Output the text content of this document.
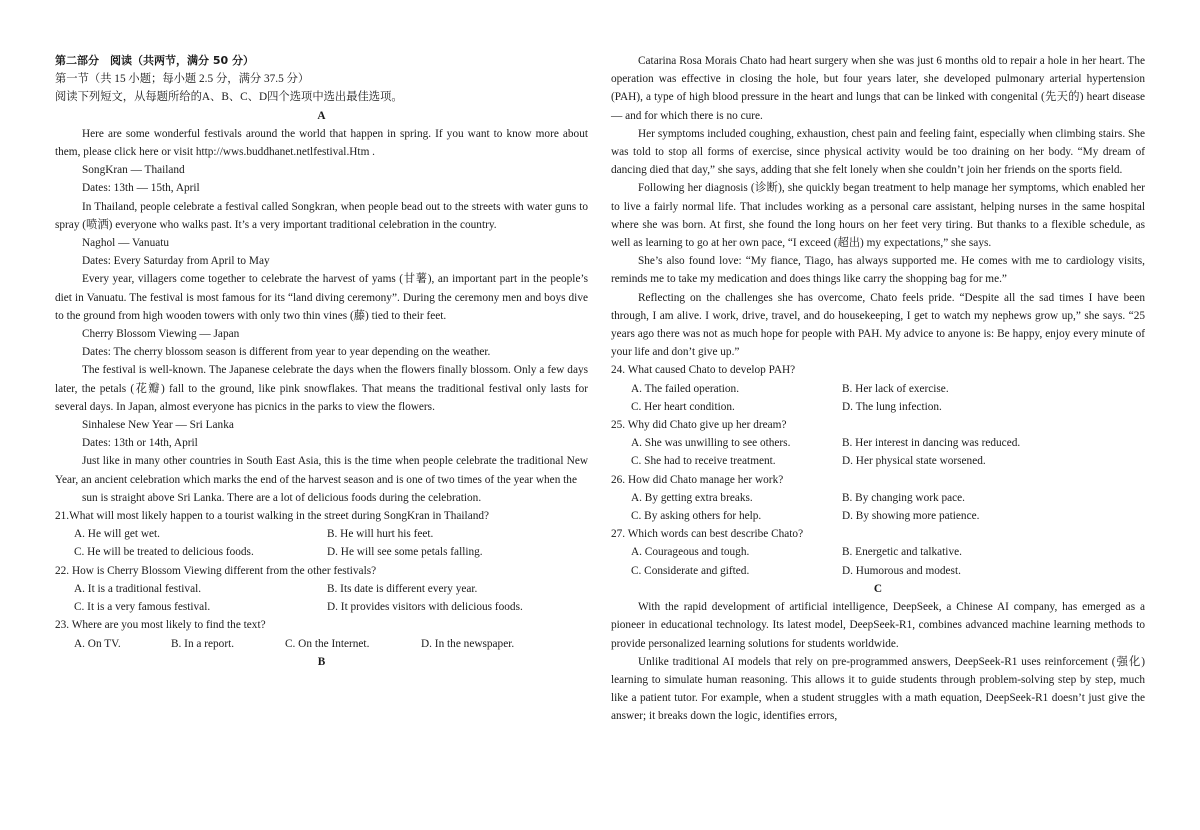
第二部分　阅读（共两节，满分 50 分）
第一节（共 15 小题；每小题 2.5 分，满分 37.5 分）
阅读下列短文，从每题所给的A、B、C、D四个选项中选出最佳选项。
A
Here are some wonderful festivals around the world that happen in spring. If you want to know more about them, please click here or visit http://wws.buddhanet.netlfestival.Htm .
SongKran — Thailand
Dates: 13th — 15th, April
In Thailand, people celebrate a festival called Songkran, when people bead out to the streets with water guns to spray (喷洒) everyone who walks past. It’s a very important traditional celebration in the country.
Naghol — Vanuatu
Dates: Every Saturday from April to May
Every year, villagers come together to celebrate the harvest of yams (甘薯), an important part in the people’s diet in Vanuatu. The festival is most famous for its “land diving ceremony”. During the ceremony men and boys dive to the ground from high wooden towers with only two thin vines (藤) tied to their feet.
Cherry Blossom Viewing — Japan
Dates: The cherry blossom season is different from year to year depending on the weather.
The festival is well-known. The Japanese celebrate the days when the flowers finally blossom. Only a few days later, the petals (花瓣) fall to the ground, like pink snowflakes. That means the traditional festival only lasts for several days. In Japan, almost everyone has picnics in the parks to view the flowers.
Sinhalese New Year — Sri Lanka
Dates: 13th or 14th, April
Just like in many other countries in South East Asia, this is the time when people celebrate the traditional New Year, an ancient celebration which marks the end of the harvest season and is one of two times of the year when the
sun is straight above Sri Lanka. There are a lot of delicious foods during the celebration.
21.What will most likely happen to a tourist walking in the street during SongKran in Thailand?
A. He will get wet.	B. He will hurt his feet.
C. He will be treated to delicious foods.	D. He will see some petals falling.
22. How is Cherry Blossom Viewing different from the other festivals?
A. It is a traditional festival.	B. Its date is different every year.
C. It is a very famous festival.	D. It provides visitors with delicious foods.
23. Where are you most likely to find the text?
A. On TV.	B. In a report.	C. On the Internet.	D. In the newspaper.
B
Catarina Rosa Morais Chato had heart surgery when she was just 6 months old to repair a hole in her heart. The operation was effective in closing the hole, but four years later, she developed pulmonary arterial hypertension (PAH), a type of high blood pressure in the heart and lungs that can be linked with congenital (先天的) heart disease — and for which there is no cure.
Her symptoms included coughing, exhaustion, chest pain and feeling faint, especially when climbing stairs. She was told to stop all forms of exercise, since physical activity would be too draining on her body. “My dream of dancing died that day,” she says, adding that she felt lonely when she couldn’t join her friends on the sports field.
Following her diagnosis (诊断), she quickly began treatment to help manage her symptoms, which enabled her to live a fairly normal life. That includes working as a personal care assistant, helping nurses in the same hospital where she was born. At first, she found the long hours on her feet very tiring. But thanks to a flexible schedule, as well as learning to go at her own pace, “I exceed (超出) my expectations,” she says.
She’s also found love: “My fiance, Tiago, has always supported me. He comes with me to cardiology visits, reminds me to take my medication and does things like carry the shopping bag for me.”
Reflecting on the challenges she has overcome, Chato feels pride. “Despite all the sad times I have been through, I am alive. I work, drive, travel, and do housekeeping, I get to watch my nephews grow up,” she says. “25 years ago there was not as much hope for people with PAH. My advice to anyone is: Be happy, enjoy every minute of your life and don’t give up.”
24. What caused Chato to develop PAH?
A. The failed operation.	B. Her lack of exercise.
C. Her heart condition.	D. The lung infection.
25. Why did Chato give up her dream?
A. She was unwilling to see others.	B. Her interest in dancing was reduced.
C. She had to receive treatment.	D. Her physical state worsened.
26. How did Chato manage her work?
A. By getting extra breaks.	B. By changing work pace.
C. By asking others for help.	D. By showing more patience.
27. Which words can best describe Chato?
A. Courageous and tough.	B. Energetic and talkative.
C. Considerate and gifted.	D. Humorous and modest.
C
With the rapid development of artificial intelligence, DeepSeek, a Chinese AI company, has emerged as a pioneer in educational technology. Its latest model, DeepSeek-R1, combines advanced machine learning methods to provide personalized learning solutions for students worldwide.
Unlike traditional AI models that rely on pre-programmed answers, DeepSeek-R1 uses reinforcement (强化) learning to simulate human reasoning. This allows it to guide students through problem-solving step by step, much like a patient tutor. For example, when a student struggles with a math equation, DeepSeek-R1 doesn’t just give the answer; it breaks down the logic, identifies errors,
